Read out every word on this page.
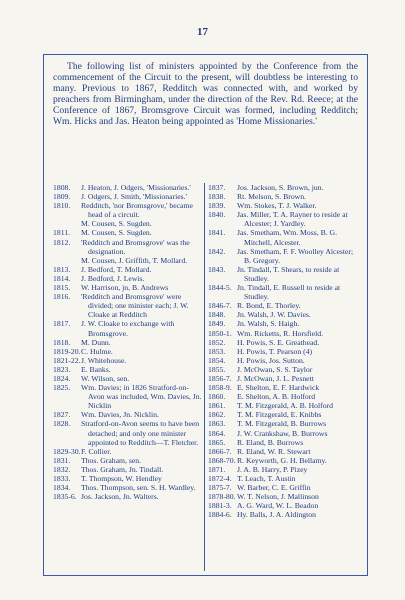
17
The following list of ministers appointed by the Conference from the commencement of the Circuit to the present, will doubtless be interesting to many. Previous to 1867, Redditch was connected with, and worked by preachers from Birmingham, under the direction of the Rev. Rd. Reece; at the Conference of 1867, Bromsgrove Circuit was formed, including Redditch; Wm. Hicks and Jas. Heaton being appointed as 'Home Missionaries.'
1808.	J. Heaton, J. Odgers, 'Missionaries.'
1809.	J. Odgers, J. Smith, 'Missionaries.'
1810.	Redditch, 'nor Bromsgrove,' became head of a circuit.
M. Cousen, S. Sugden.
1811.	M. Cousen, S. Sugden.
1812.	'Redditch and Bromsgrove' was the designation.
M. Cousen, J. Griffith, T. Mollard.
1813.	J. Bedford, T. Mollard.
1814.	J. Bedford, J. Lewis.
1815.	W. Harrison, jn, B. Andrews
1816.	'Redditch and Bromsgrove' were divided; one minister each; J. W. Cloake at Redditch
1817.	J. W. Cloake to exchange with Bromsgrove.
1818.	M. Dunn.
1819-20. C. Hulme.
1821-22. J. Whitehouse.
1823.	E. Banks.
1824.	W. Wilson, sen.
1825.	Wm. Davies; in 1826 Stratford-on-Avon was included, Wm. Davies, Jn. Nicklin
1827.	Wm. Davies, Jn. Nicklin.
1828.	Stratford-on-Avon seems to have been detached; and only one minister appointed to Redditch—T. Fletcher.
1829-30. F. Collier.
1831.	Thos. Graham, sen.
1832.	Thos. Graham, Jn. Tindall.
1833.	T. Thompson, W. Hendley
1834.	Thos. Thompson, sen. S. H. Wardley.
1835-6. Jos. Jackson, Jn. Walters.
1837.	Jos. Jackson, S. Brown, jun.
1838.	Rt. Melson, S. Brown.
1839.	Wm. Stokes, T. J. Walker.
1840.	Jas. Miller, T. A. Rayner to reside at Alcester; J. Yardley.
1841.	Jas. Smetham, Wm. Moss, B. G. Mitchell, Alcester.
1842.	Jas. Smetham, F. F. Woolley Alcester; B. Gregory.
1843.	Jn. Tindall, T. Shears, to reside at Studley.
1844-5. Jn. Tindall, E. Russell to reside at Studley.
1846-7. R. Bond, E. Thorley.
1848.	Jn. Walsh, J. W. Davies.
1849.	Jn. Walsh, S. Haigh.
1850-1. Wm. Ricketts, R. Horsfield.
1852.	H. Powis, S. E. Greathead.
1853.	H. Powis, T. Pearson (4)
1854.	H. Powis, Jos. Sutton.
1855.	J. McOwan, S. S. Taylor
1856-7. J. McOwan, J. L. Pesnett
1858-9. E. Shelton, E. F. Hardwick
1860.	E. Shelton, A. B. Holford
1861.	T. M. Fitzgerald, A. B. Holford
1862.	T. M. Fitzgerald, E. Knibbs
1863.	T. M. Fitzgerald, B. Burrows
1864.	J. W. Crankshaw, B. Burrows
1865.	R. Eland, B. Burrows
1866-7. R. Eland, W. R. Stewart
1868-70. R. Keyworth, G. H. Bellamy.
1871.	J. A. B. Harry, P. Pizey
1872-4. T. Leach, T. Austin
1875-7. W. Barber, C. E. Griffin
1878-80. W. T. Nelson, J. Mallinson
1881-3. A. G. Ward, W. L. Beadon
1884-6. Hy. Balls, J. A. Aldington
